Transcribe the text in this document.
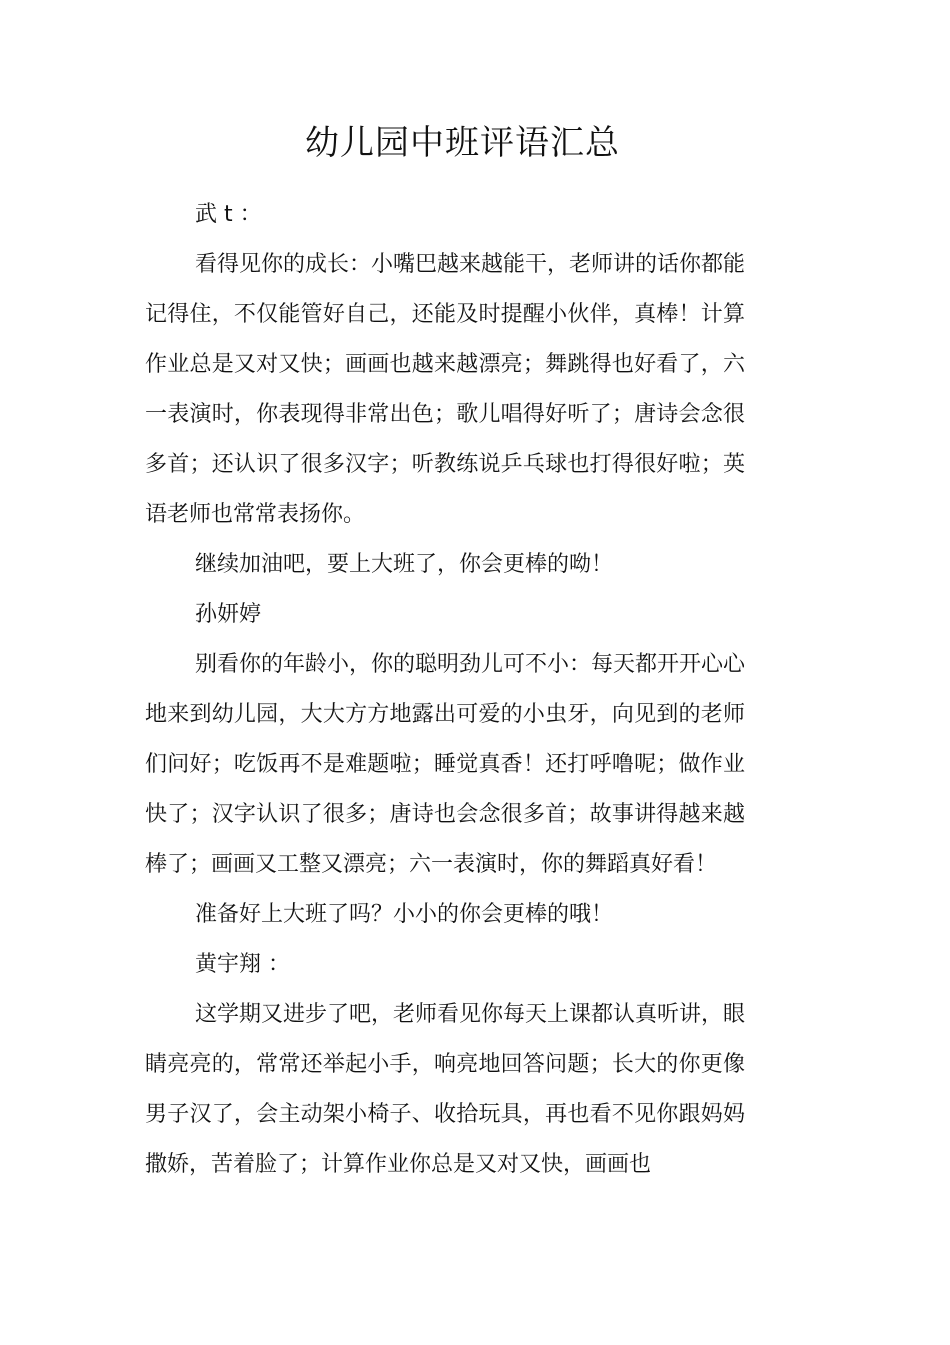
幼儿园中班评语汇总

武 t ：

看得见你的成长：小嘴巴越来越能干，老师讲的话你都能记得住，不仅能管好自己，还能及时提醒小伙伴，真棒！计算作业总是又对又快；画画也越来越漂亮；舞跳得也好看了，六一表演时，你表现得非常出色；歌儿唱得好听了；唐诗会念很多首；还认识了很多汉字；听教练说乒乓球也打得很好啦；英语老师也常常表扬你。

继续加油吧，要上大班了，你会更棒的呦！

孙妍婷

别看你的年龄小，你的聪明劲儿可不小：每天都开开心心地来到幼儿园，大大方方地露出可爱的小虫牙，向见到的老师们问好；吃饭再不是难题啦；睡觉真香！还打呼噜呢；做作业快了；汉字认识了很多；唐诗也会念很多首；故事讲得越来越棒了；画画又工整又漂亮；六一表演时，你的舞蹈真好看！

准备好上大班了吗？小小的你会更棒的哦！

黄宇翔 ：

这学期又进步了吧，老师看见你每天上课都认真听讲，眼睛亮亮的，常常还举起小手，响亮地回答问题；长大的你更像男子汉了，会主动架小椅子、收拾玩具，再也看不见你跟妈妈撒娇，苦着脸了；计算作业你总是又对又快，画画也
